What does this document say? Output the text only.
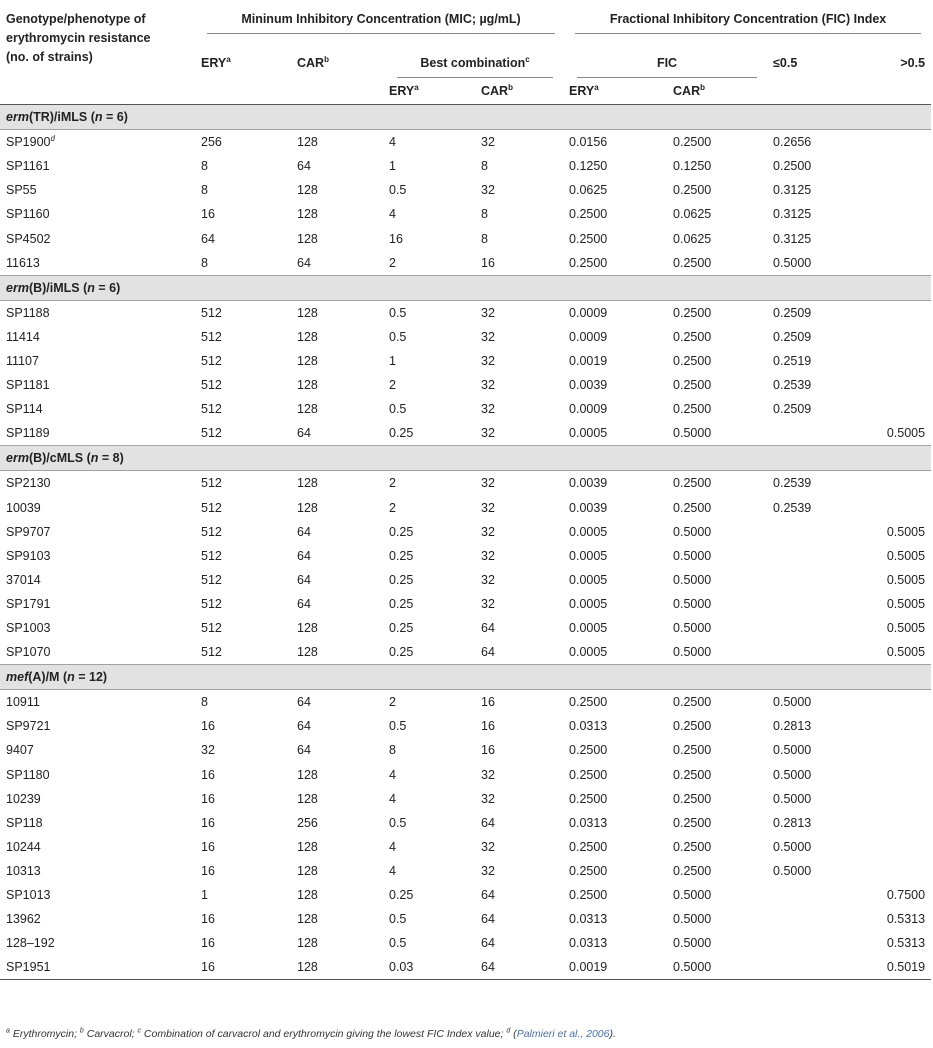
Genotype/phenotype of
erythromycin resistance
(no. of strains)	Mininum Inhibitory Concentration (MIC; µg/mL)				Fractional Inhibitory Concentration (FIC) Index			

	ERY$^a$	CAR$^b$	Best combination$^c$		FIC		≤0.5	>0.5
			ERY$^a$	CAR$^b$	ERY$^a$	CAR$^b$
erm(TR)/iMLS (n = 6)								
SP1900$^d$	256	128	4	32	0.0156	0.2500	0.2656	
SP1161	8	64	1	8	0.1250	0.1250	0.2500	
SP55	8	128	0.5	32	0.0625	0.2500	0.3125	
SP1160	16	128	4	8	0.2500	0.0625	0.3125	
SP4502	64	128	16	8	0.2500	0.0625	0.3125	
11613	8	64	2	16	0.2500	0.2500	0.5000	
erm(B)/iMLS (n = 6)								
SP1188	512	128	0.5	32	0.0009	0.2500	0.2509	
11414	512	128	0.5	32	0.0009	0.2500	0.2509	
11107	512	128	1	32	0.0019	0.2500	0.2519	
SP1181	512	128	2	32	0.0039	0.2500	0.2539	
SP114	512	128	0.5	32	0.0009	0.2500	0.2509	
SP1189	512	64	0.25	32	0.0005	0.5000		0.5005
erm(B)/cMLS (n = 8)								
SP2130	512	128	2	32	0.0039	0.2500	0.2539	
10039	512	128	2	32	0.0039	0.2500	0.2539	
SP9707	512	64	0.25	32	0.0005	0.5000		0.5005
SP9103	512	64	0.25	32	0.0005	0.5000		0.5005
37014	512	64	0.25	32	0.0005	0.5000		0.5005
SP1791	512	64	0.25	32	0.0005	0.5000		0.5005
SP1003	512	128	0.25	64	0.0005	0.5000		0.5005
SP1070	512	128	0.25	64	0.0005	0.5000		0.5005
mef(A)/M (n = 12)								
10911	8	64	2	16	0.2500	0.2500	0.5000	
SP9721	16	64	0.5	16	0.0313	0.2500	0.2813	
9407	32	64	8	16	0.2500	0.2500	0.5000	
SP1180	16	128	4	32	0.2500	0.2500	0.5000	
10239	16	128	4	32	0.2500	0.2500	0.5000	
SP118	16	256	0.5	64	0.0313	0.2500	0.2813	
10244	16	128	4	32	0.2500	0.2500	0.5000	
10313	16	128	4	32	0.2500	0.2500	0.5000	
SP1013	1	128	0.25	64	0.2500	0.5000		0.7500
13962	16	128	0.5	64	0.0313	0.5000		0.5313
128–192	16	128	0.5	64	0.0313	0.5000		0.5313
SP1951	16	128	0.03	64	0.0019	0.5000		0.5019
$^a$ Erythromycin; $^b$ Carvacrol; $^c$ Combination of carvacrol and erythromycin giving the lowest FIC Index value; $^d$ (Palmieri et al., 2006).
